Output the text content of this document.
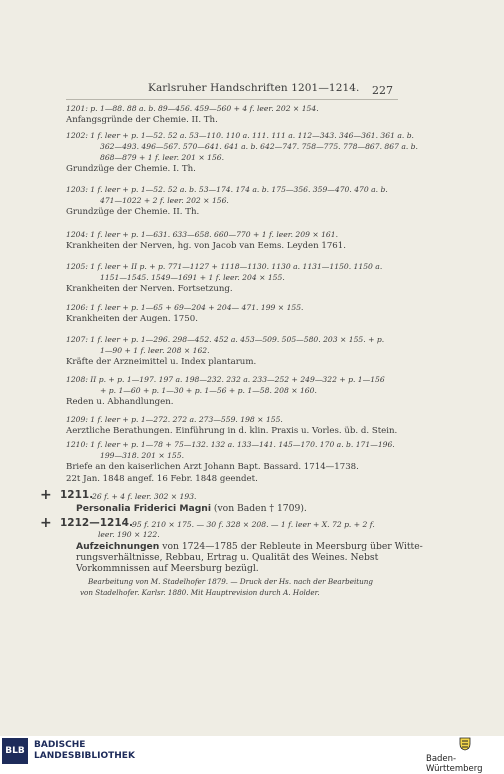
Karlsruher Handschriften 1201—1214. 227
1201: p. 1—88. 88 a. b. 89—456. 459—560 + 4 f. leer. 202 × 154.
Anfangsgründe der Chemie. II. Th.
1202: 1 f. leer + p. 1—52. 52 a. 53—110. 110 a. 111. 111 a. 112—343. 346—361. 361 a. b.
362—493. 496—567. 570—641. 641 a. b. 642—747. 758—775. 778—867. 867 a. b.
868—879 + 1 f. leer. 201 × 156.
Grundzüge der Chemie. I. Th.
1203: 1 f. leer + p. 1—52. 52 a. b. 53—174. 174 a. b. 175—356. 359—470. 470 a. b.
471—1022 + 2 f. leer. 202 × 156.
Grundzüge der Chemie. II. Th.
1204: 1 f. leer + p. 1—631. 633—658. 660—770 + 1 f. leer. 209 × 161.
Krankheiten der Nerven, hg. von Jacob van Eems. Leyden 1761.
1205: 1 f. leer + II p. + p. 771—1127 + 1118—1130. 1130 a. 1131—1150. 1150 a.
1151—1545. 1549—1691 + 1 f. leer. 204 × 155.
Krankheiten der Nerven. Fortsetzung.
1206: 1 f. leer + p. 1—65 + 69—204 + 204— 471. 199 × 155.
Krankheiten der Augen. 1750.
1207: 1 f. leer + p. 1—296. 298—452. 452 a. 453—509. 505—580. 203 × 155. + p.
1—90 + 1 f. leer. 208 × 162.
Kräfte der Arzneimittel u. Index plantarum.
1208: II p. + p. 1—197. 197 a. 198—232. 232 a. 233—252 + 249—322 + p. 1—156
+ p. 1—60 + p. 1—30 + p. 1—56 + p. 1—58. 208 × 160.
Reden u. Abhandlungen.
1209: 1 f. leer + p. 1—272. 272 a. 273—559. 198 × 155.
Aerztliche Berathungen. Einführung in d. klin. Praxis u. Vorles. üb. d. Stein.
1210: 1 f. leer + p. 1—78 + 75—132. 132 a. 133—141. 145—170. 170 a. b. 171—196.
199—318. 201 × 155.
Briefe an den kaiserlichen Arzt Johann Bapt. Bassard. 1714—1738.
22t Jan. 1848 angef. 16 Febr. 1848 geendet.
+ 1211.
26 f. + 4 f. leer. 302 × 193.
Personalia Friderici Magni (von Baden † 1709).
+ 1212—1214. 95 f. 210 × 175. — 30 f. 328 × 208. — 1 f. leer + X. 72 p. + 2 f.
leer. 190 × 122.
Aufzeichnungen von 1724—1785 der Rebleute in Meersburg über Witte-
rungsverhältnisse, Rebbau, Ertrag u. Qualität des Weines. Nebst
Vorkommnissen auf Meersburg bezügl.
Bearbeitung von M. Stadelhofer 1879. — Druck der Hs. nach der Bearbeitung
von Stadelhofer. Karlsr. 1880. Mit Hauptrevision durch A. Holder.
BLB
BADISCHE
LANDESBIBLIOTHEK	Baden-Württemberg
